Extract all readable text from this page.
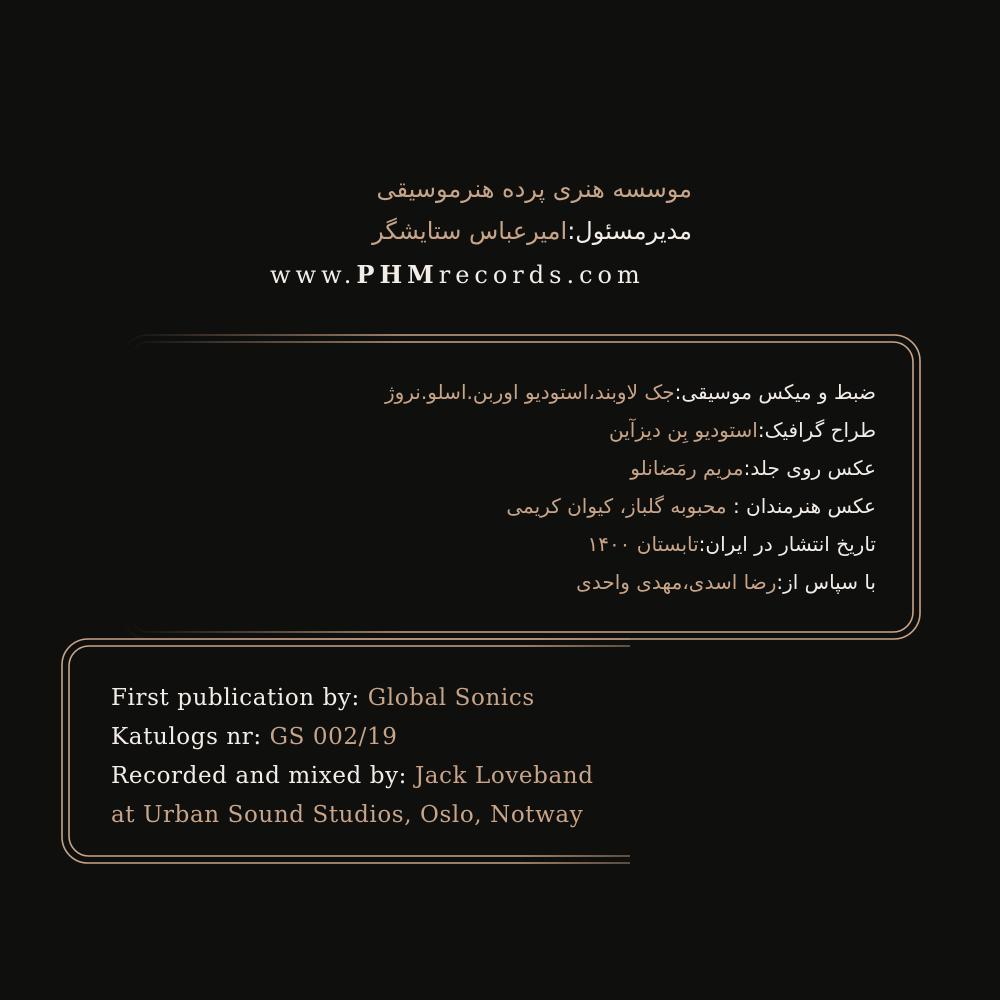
موسسه هنری پرده هنرموسیقی
مدیرمسئول:امیرعباس ستایشگر
www.PHMrecords.com
ضبط و میکس موسیقی:جک لاوبند،استودیو اوربن.اسلو.نروژ
طراح گرافیک:استودیو بِن دیزآین
عکس روی جلد:مریم رمَضانلو
عکس هنرمندان : محبوبه گلباز، کیوان کریمی
تاریخ انتشار در ایران:تابستان ۱۴۰۰
با سپاس از:رضا اسدی،مهدی واحدی
First publication by: Global Sonics
Katulogs nr: GS 002/19
Recorded and mixed by: Jack Loveband
at Urban Sound Studios, Oslo, Notway
